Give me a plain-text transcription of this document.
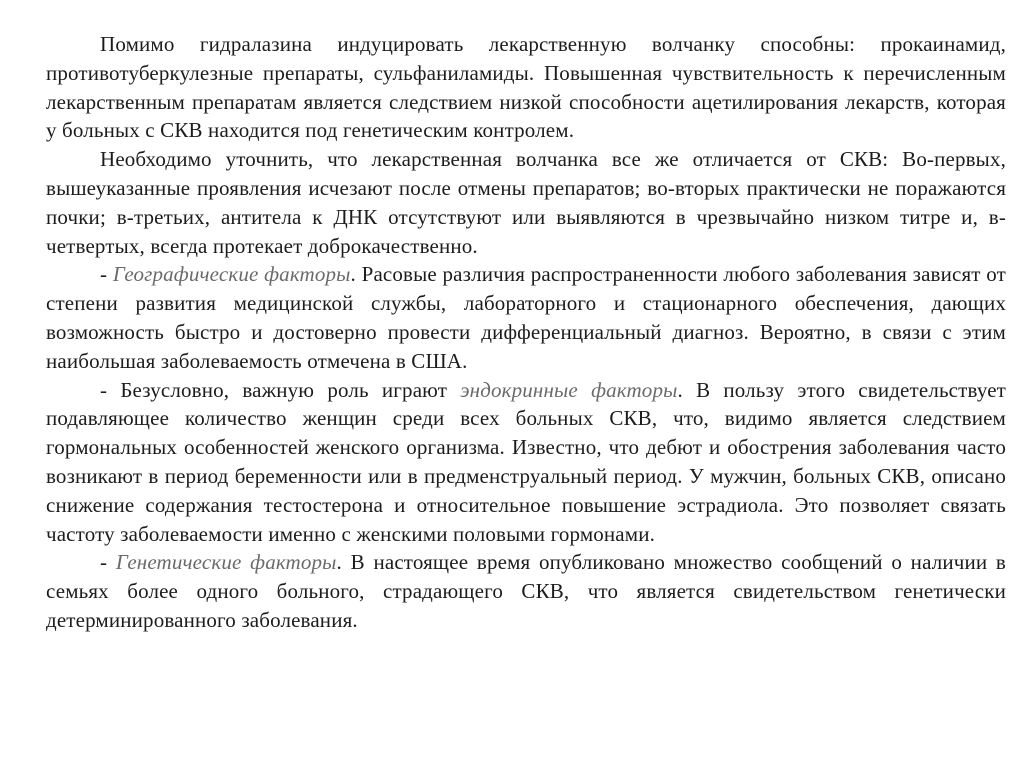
Помимо гидралазина индуцировать лекарственную волчанку способны: прокаинамид, противотуберкулезные препараты, сульфаниламиды. Повышенная чувствительность к перечисленным лекарственным препаратам является следствием низкой способности ацетилирования лекарств, которая у больных с СКВ находится под генетическим контролем.

Необходимо уточнить, что лекарственная волчанка все же отличается от СКВ: Во-первых, вышеуказанные проявления исчезают после отмены препаратов; во-вторых практически не поражаются почки; в-третьих, антитела к ДНК отсутствуют или выявляются в чрезвычайно низком титре и, в-четвертых, всегда протекает доброкачественно.

- Географические факторы. Расовые различия распространенности любого заболевания зависят от степени развития медицинской службы, лабораторного и стационарного обеспечения, дающих возможность быстро и достоверно провести дифференциальный диагноз. Вероятно, в связи с этим наибольшая заболеваемость отмечена в США.

- Безусловно, важную роль играют эндокринные факторы. В пользу этого свидетельствует подавляющее количество женщин среди всех больных СКВ, что, видимо является следствием гормональных особенностей женского организма. Известно, что дебют и обострения заболевания часто возникают в период беременности или в предменструальный период. У мужчин, больных СКВ, описано снижение содержания тестостерона и относительное повышение эстрадиола. Это позволяет связать частоту заболеваемости именно с женскими половыми гормонами.

- Генетические факторы. В настоящее время опубликовано множество сообщений о наличии в семьях более одного больного, страдающего СКВ, что является свидетельством генетически детерминированного заболевания.
